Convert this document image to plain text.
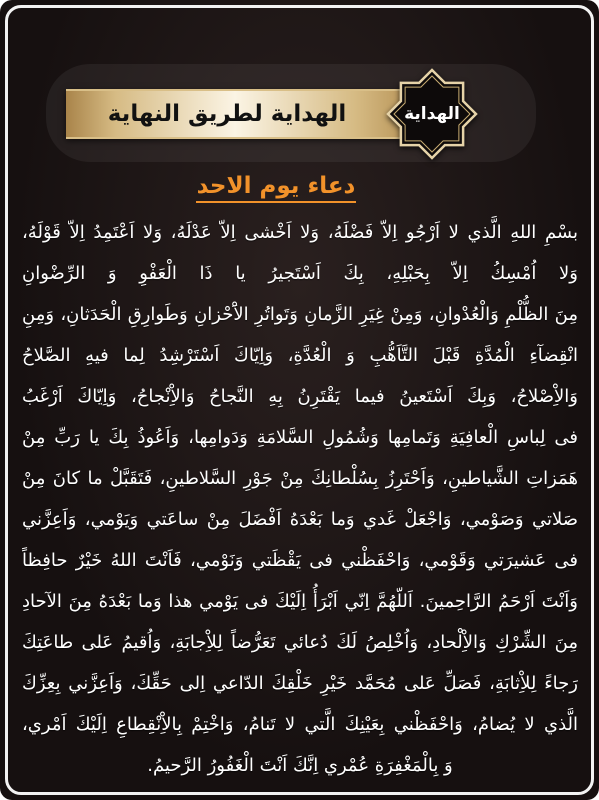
الهداية لطريق النهاية	الهداية
دعاء يوم الاحد
بسْمِ اللهِ الَّذي لا اَرْجُو اِلاّ فَضْلَهُ، وَلا اَخْشى اِلاّ عَدْلَهُ، وَلا اَعْتَمِدُ اِلاّ قَوْلَهُ،
وَلا اُمْسِكُ اِلاّ بِحَبْلِهِ، بِكَ اَسْتَجيرُ يا ذَا الْعَفْوِ وَ الرِّضْوانِ
مِنَ الظُّلْمِ وَالْعُدْوانِ، وَمِنْ غِيَرِ الزَّمانِ وَتَواتُرِ الاَْحْزانِ وَطَوارِقِ الْحَدَثانِ، وَمِنِ
انْقِضآءِ الْمُدَّةِ قَبْلَ التَّاَهُّبِ وَ الْعُدَّةِ، وَاِيّاكَ اَسْتَرْشِدُ لِما فيهِ الصَّلاحُ
وَالاِْصْلاحُ، وَبِكَ اَسْتَعينُ فيما يَقْتَرِنُ بِهِ النَّجاحُ وَالاِْنْجاحُ، وَاِيّاكَ اَرْغَبُ
فى لِباسِ الْعافِيَةِ وَتَمامِها وَشُمُولِ السَّلامَةِ وَدَوامِها، وَاَعُوذُ بِكَ يا رَبِّ مِنْ
هَمَزاتِ الشَّياطينِ، وَاَحْتَرِزُ بِسُلْطانِكَ مِنْ جَوْرِ السَّلاطينِ، فَتَقَبَّلْ ما كانَ مِنْ
صَلاتي وَصَوْمي، وَاجْعَلْ غَدي وَما بَعْدَهُ اَفْضَلَ مِنْ ساعَتي وَيَوْمي، وَاَعِزَّني
فى عَشيرَتي وَقَوْمي، وَاحْفَظْني فى يَقْظَتي وَنَوْمي، فَاَنْتَ اللهُ خَيْرٌ حافِظاً
وَاَنْتَ اَرْحَمُ الرَّاحِمينَ. اَللّهُمَّ اِنّي اَبْرَأُ اِلَيْكَ فى يَوْمي هذا وَما بَعْدَهُ مِنَ الآحادِ
مِنَ الشِّرْكِ وَالاِْلْحادِ، وَاُخْلِصُ لَكَ دُعائي تَعَرُّضاً لِلاِْجابَةِ، وَاُقيمُ عَلى طاعَتِكَ
رَجاءً لِلاِْثابَةِ، فَصَلِّ عَلى مُحَمَّد خَيْرِ خَلْقِكَ الدّاعي اِلى حَقِّكَ، وَاَعِزَّني بِعِزِّكَ
الَّذي لا يُضامُ، وَاحْفَظْني بِعَيْنِكَ الَّتي لا تَنامُ، وَاخْتِمْ بِالاِْنْقِطاعِ اِلَيْكَ اَمْري،
وَ بِالْمَغْفِرَةِ عُمْري اِنَّكَ اَنْتَ الْغَفُورُ الرَّحيمُ.
